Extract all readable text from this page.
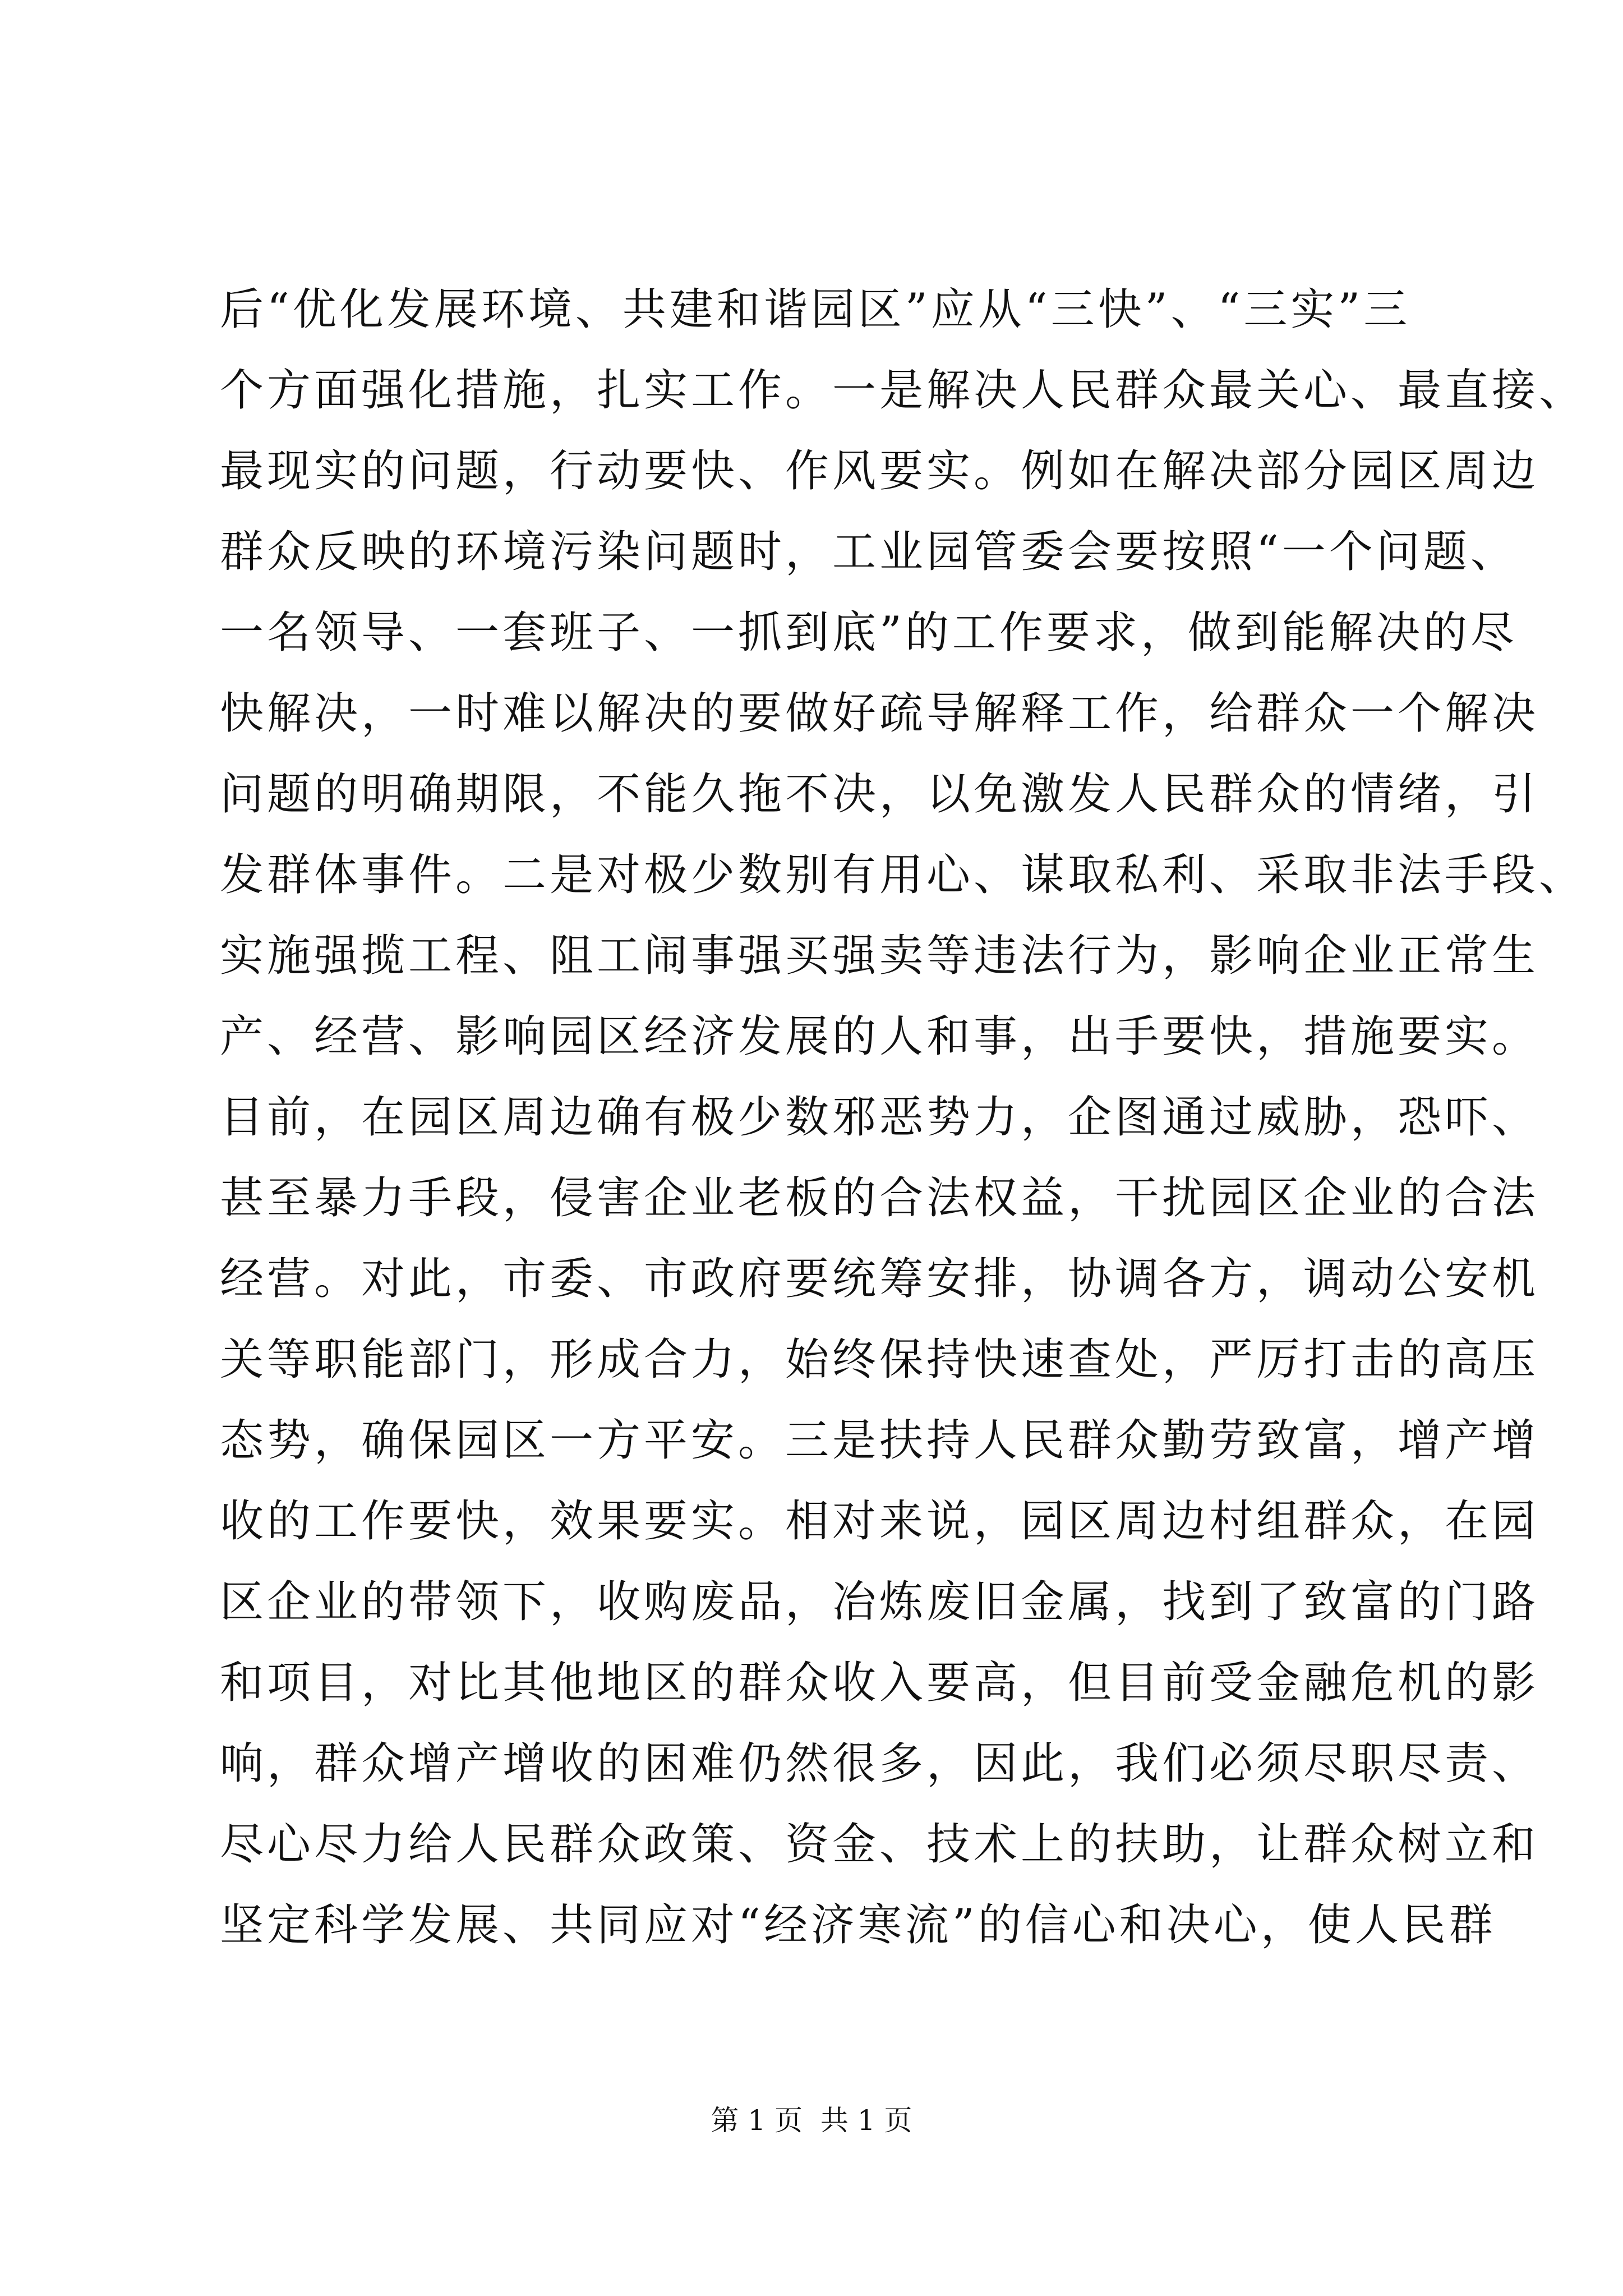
后“优化发展环境、共建和谐园区”应从“三快”、“三实”三
个方面强化措施，扎实工作。一是解决人民群众最关心、最直接、
最现实的问题，行动要快、作风要实。例如在解决部分园区周边
群众反映的环境污染问题时，工业园管委会要按照“一个问题、
一名领导、一套班子、一抓到底”的工作要求，做到能解决的尽
快解决，一时难以解决的要做好疏导解释工作，给群众一个解决
问题的明确期限，不能久拖不决，以免激发人民群众的情绪，引
发群体事件。二是对极少数别有用心、谋取私利、采取非法手段、
实施强揽工程、阻工闹事强买强卖等违法行为，影响企业正常生
产、经营、影响园区经济发展的人和事，出手要快，措施要实。
目前，在园区周边确有极少数邪恶势力，企图通过威胁，恐吓、
甚至暴力手段，侵害企业老板的合法权益，干扰园区企业的合法
经营。对此，市委、市政府要统筹安排，协调各方，调动公安机
关等职能部门，形成合力，始终保持快速查处，严厉打击的高压
态势，确保园区一方平安。三是扶持人民群众勤劳致富，增产增
收的工作要快，效果要实。相对来说，园区周边村组群众，在园
区企业的带领下，收购废品，冶炼废旧金属，找到了致富的门路
和项目，对比其他地区的群众收入要高，但目前受金融危机的影
响，群众增产增收的困难仍然很多，因此，我们必须尽职尽责、
尽心尽力给人民群众政策、资金、技术上的扶助，让群众树立和
坚定科学发展、共同应对“经济寒流”的信心和决心，使人民群
第 1 页  共 1 页
